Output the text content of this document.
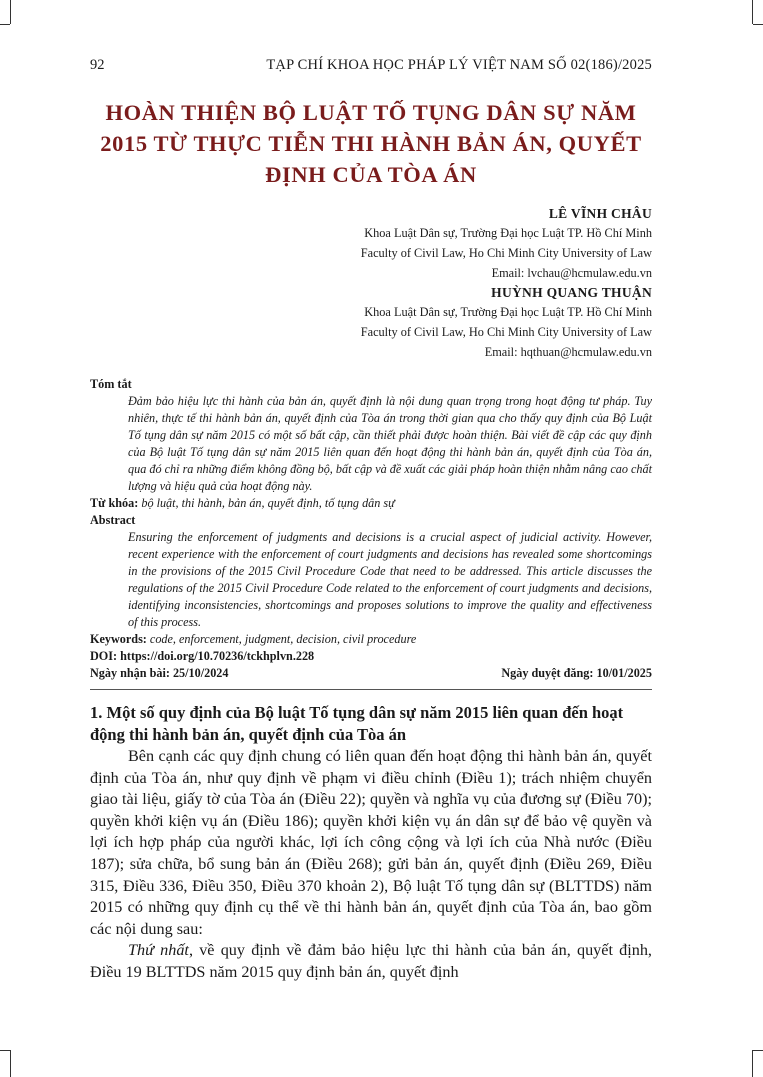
92	TẠP CHÍ KHOA HỌC PHÁP LÝ VIỆT NAM SỐ 02(186)/2025
HOÀN THIỆN BỘ LUẬT TỐ TỤNG DÂN SỰ NĂM 2015 TỪ THỰC TIỄN THI HÀNH BẢN ÁN, QUYẾT ĐỊNH CỦA TÒA ÁN
LÊ VĨNH CHÂU
Khoa Luật Dân sự, Trường Đại học Luật TP. Hồ Chí Minh
Faculty of Civil Law, Ho Chi Minh City University of Law
Email: lvchau@hcmulaw.edu.vn
HUỲNH QUANG THUẬN
Khoa Luật Dân sự, Trường Đại học Luật TP. Hồ Chí Minh
Faculty of Civil Law, Ho Chi Minh City University of Law
Email: hqthuan@hcmulaw.edu.vn
Tóm tắt
Đảm bảo hiệu lực thi hành của bản án, quyết định là nội dung quan trọng trong hoạt động tư pháp. Tuy nhiên, thực tế thi hành bản án, quyết định của Tòa án trong thời gian qua cho thấy quy định của Bộ Luật Tố tụng dân sự năm 2015 có một số bất cập, cần thiết phải được hoàn thiện. Bài viết đề cập các quy định của Bộ luật Tố tụng dân sự năm 2015 liên quan đến hoạt động thi hành bản án, quyết định của Tòa án, qua đó chỉ ra những điểm không đồng bộ, bất cập và đề xuất các giải pháp hoàn thiện nhằm nâng cao chất lượng và hiệu quả của hoạt động này.
Từ khóa: bộ luật, thi hành, bản án, quyết định, tố tụng dân sự
Abstract
Ensuring the enforcement of judgments and decisions is a crucial aspect of judicial activity. However, recent experience with the enforcement of court judgments and decisions has revealed some shortcomings in the provisions of the 2015 Civil Procedure Code that need to be addressed. This article discusses the regulations of the 2015 Civil Procedure Code related to the enforcement of court judgments and decisions, identifying inconsistencies, shortcomings and proposes solutions to improve the quality and effectiveness of this process.
Keywords: code, enforcement, judgment, decision, civil procedure
DOI: https://doi.org/10.70236/tckhplvn.228
Ngày nhận bài: 25/10/2024	Ngày duyệt đăng: 10/01/2025
1. Một số quy định của Bộ luật Tố tụng dân sự năm 2015 liên quan đến hoạt động thi hành bản án, quyết định của Tòa án

Bên cạnh các quy định chung có liên quan đến hoạt động thi hành bản án, quyết định của Tòa án, như quy định về phạm vi điều chỉnh (Điều 1); trách nhiệm chuyển giao tài liệu, giấy tờ của Tòa án (Điều 22); quyền và nghĩa vụ của đương sự (Điều 70); quyền khởi kiện vụ án (Điều 186); quyền khởi kiện vụ án dân sự để bảo vệ quyền và lợi ích hợp pháp của người khác, lợi ích công cộng và lợi ích của Nhà nước (Điều 187); sửa chữa, bổ sung bản án (Điều 268); gửi bản án, quyết định (Điều 269, Điều 315, Điều 336, Điều 350, Điều 370 khoản 2), Bộ luật Tố tụng dân sự (BLTTDS) năm 2015 có những quy định cụ thể về thi hành bản án, quyết định của Tòa án, bao gồm các nội dung sau:

Thứ nhất, về quy định về đảm bảo hiệu lực thi hành của bản án, quyết định, Điều 19 BLTTDS năm 2015 quy định bản án, quyết định
